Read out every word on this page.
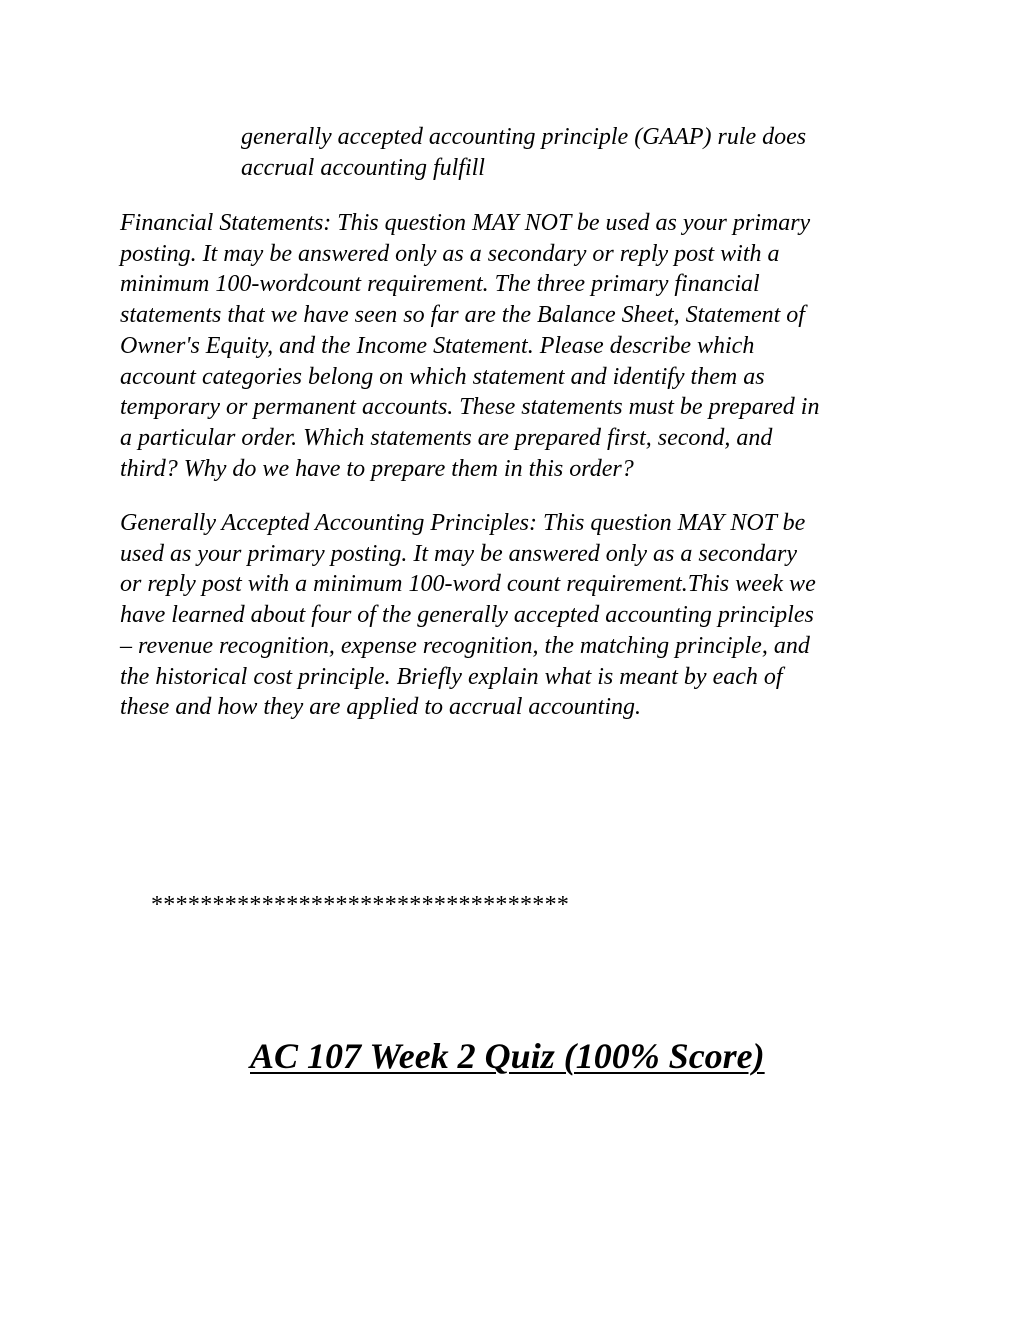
generally accepted accounting principle (GAAP) rule does
accrual accounting fulfill

Financial Statements: This question MAY NOT be used as your primary
posting. It may be answered only as a secondary or reply post with a
minimum 100-wordcount requirement. The three primary financial
statements that we have seen so far are the Balance Sheet, Statement of
Owner's Equity, and the Income Statement. Please describe which
account categories belong on which statement and identify them as
temporary or permanent accounts. These statements must be prepared in
a particular order. Which statements are prepared first, second, and
third? Why do we have to prepare them in this order?

Generally Accepted Accounting Principles: This question MAY NOT be
used as your primary posting. It may be answered only as a secondary
or reply post with a minimum 100-word count requirement.This week we
have learned about four of the generally accepted accounting principles
– revenue recognition, expense recognition, the matching principle, and
the historical cost principle. Briefly explain what is meant by each of
these and how they are applied to accrual accounting.

**********************************
AC 107 Week 2 Quiz (100% Score)
